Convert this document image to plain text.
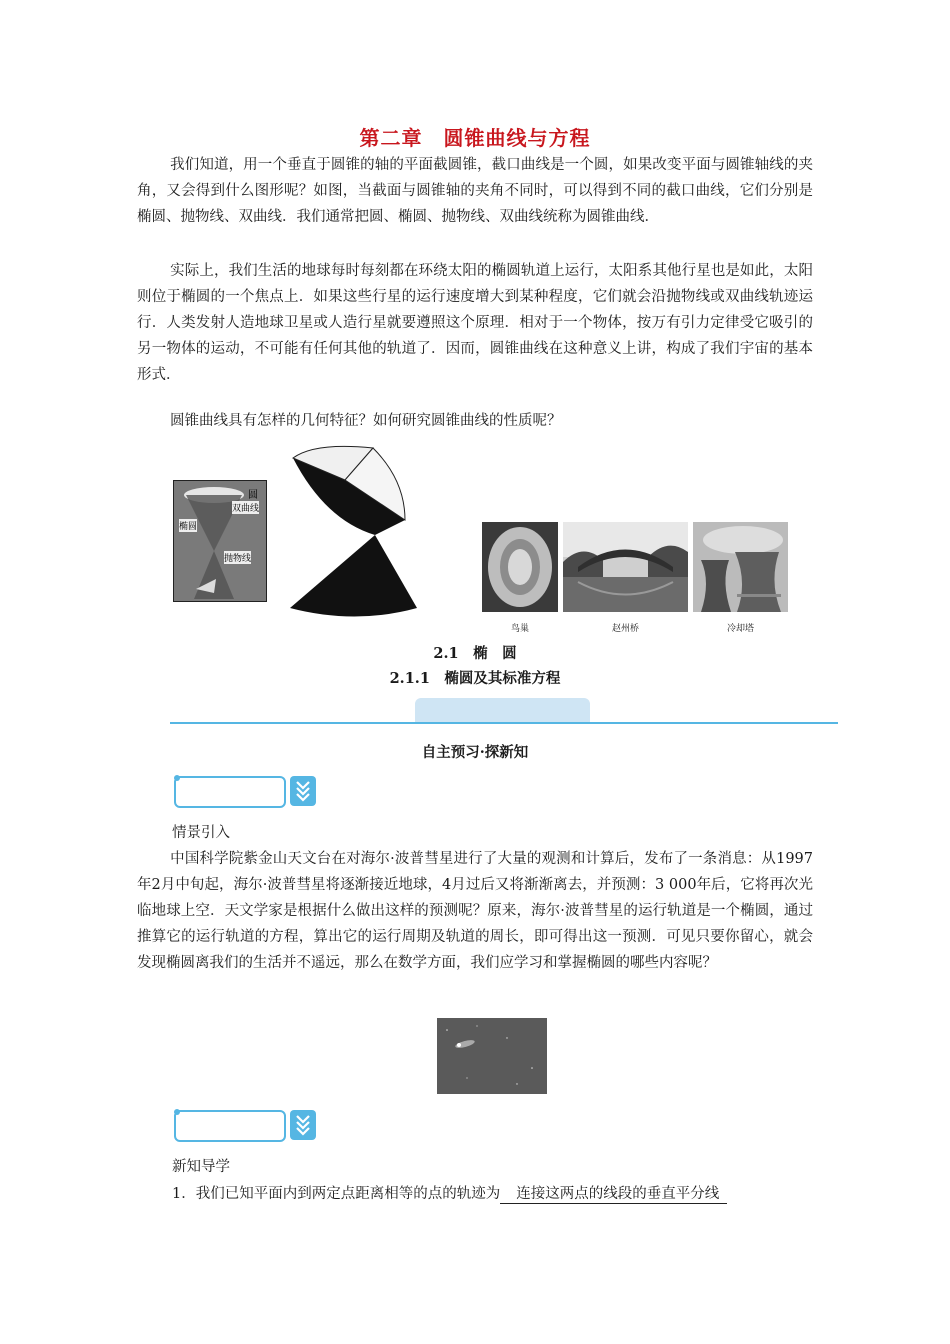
第二章　圆锥曲线与方程

我们知道，用一个垂直于圆锥的轴的平面截圆锥，截口曲线是一个圆，如果改变平面与圆锥轴线的夹角，又会得到什么图形呢？如图，当截面与圆锥轴的夹角不同时，可以得到不同的截口曲线，它们分别是椭圆、抛物线、双曲线．我们通常把圆、椭圆、抛物线、双曲线统称为圆锥曲线．

实际上，我们生活的地球每时每刻都在环绕太阳的椭圆轨道上运行，太阳系其他行星也是如此，太阳则位于椭圆的一个焦点上．如果这些行星的运行速度增大到某种程度，它们就会沿抛物线或双曲线轨迹运行．人类发射人造地球卫星或人造行星就要遵照这个原理．相对于一个物体，按万有引力定律受它吸引的另一物体的运动，不可能有任何其他的轨道了．因而，圆锥曲线在这种意义上讲，构成了我们宇宙的基本形式．

圆锥曲线具有怎样的几何特征？如何研究圆锥曲线的性质呢？

圆
双曲线
椭圆
抛物线
鸟巢	赵州桥	冷却塔
2.1　椭　圆
2.1.1　椭圆及其标准方程
自主预习·探新知
情景引入

中国科学院紫金山天文台在对海尔·波普彗星进行了大量的观测和计算后，发布了一条消息：从1997年2月中旬起，海尔·波普彗星将逐渐接近地球，4月过后又将渐渐离去，并预测：3 000年后，它将再次光临地球上空．天文学家是根据什么做出这样的预测呢？原来，海尔·波普彗星的运行轨道是一个椭圆，通过推算它的运行轨道的方程，算出它的运行周期及轨道的周长，即可得出这一预测．可见只要你留心，就会发现椭圆离我们的生活并不遥远，那么在数学方面，我们应学习和掌握椭圆的哪些内容呢？

新知导学
1．我们已知平面内到两定点距离相等的点的轨迹为 连接这两点的线段的垂直平分线
